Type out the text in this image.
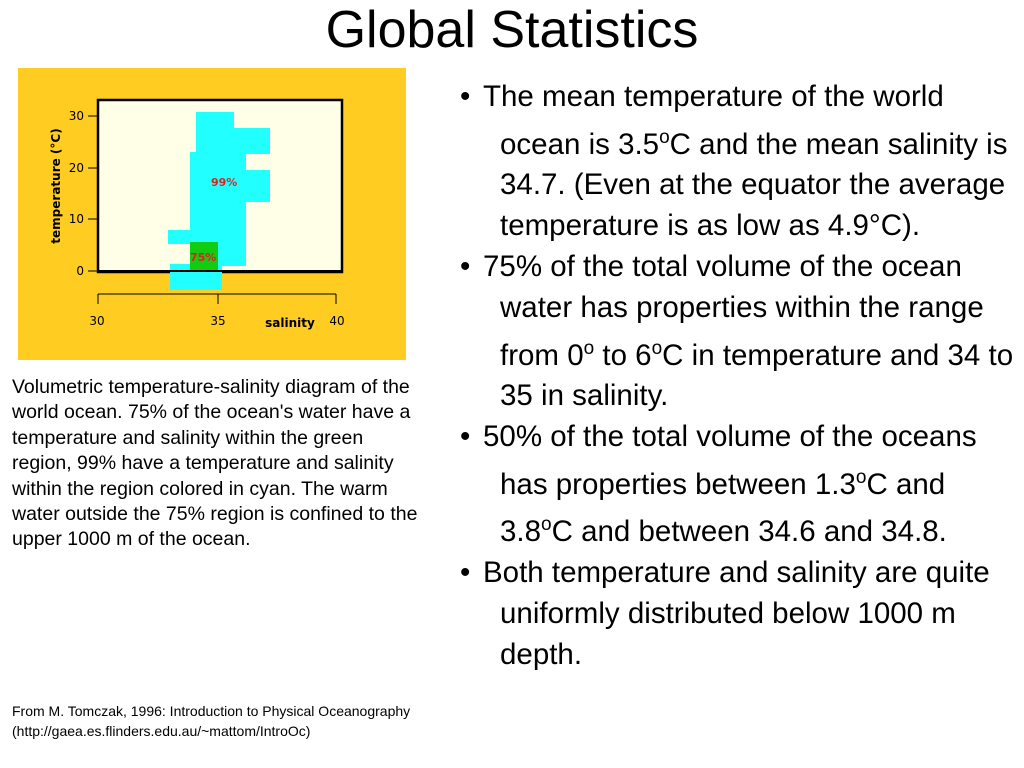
Global Statistics
99%
75%
30
20
10
0
30	35	40
salinity
temperature (°C)

Volumetric temperature-salinity diagram of the world ocean. 75% of the ocean's water have a temperature and salinity within the green region, 99% have a temperature and salinity within the region colored in cyan. The warm water outside the 75% region is confined to the upper 1000 m of the ocean.

From M. Tomczak, 1996: Introduction to Physical Oceanography
(http://gaea.es.flinders.edu.au/~mattom/IntroOc)

• The mean temperature of the world ocean is 3.5$^o$C and the mean salinity is 34.7. (Even at the equator the average temperature is as low as 4.9°C).
• 75% of the total volume of the ocean water has properties within the range from 0$^o$ to 6$^o$C in temperature and 34 to 35 in salinity.
• 50% of the total volume of the oceans has properties between 1.3$^o$C and 3.8$^o$C and between 34.6 and 34.8.
• Both temperature and salinity are quite uniformly distributed below 1000 m depth.
